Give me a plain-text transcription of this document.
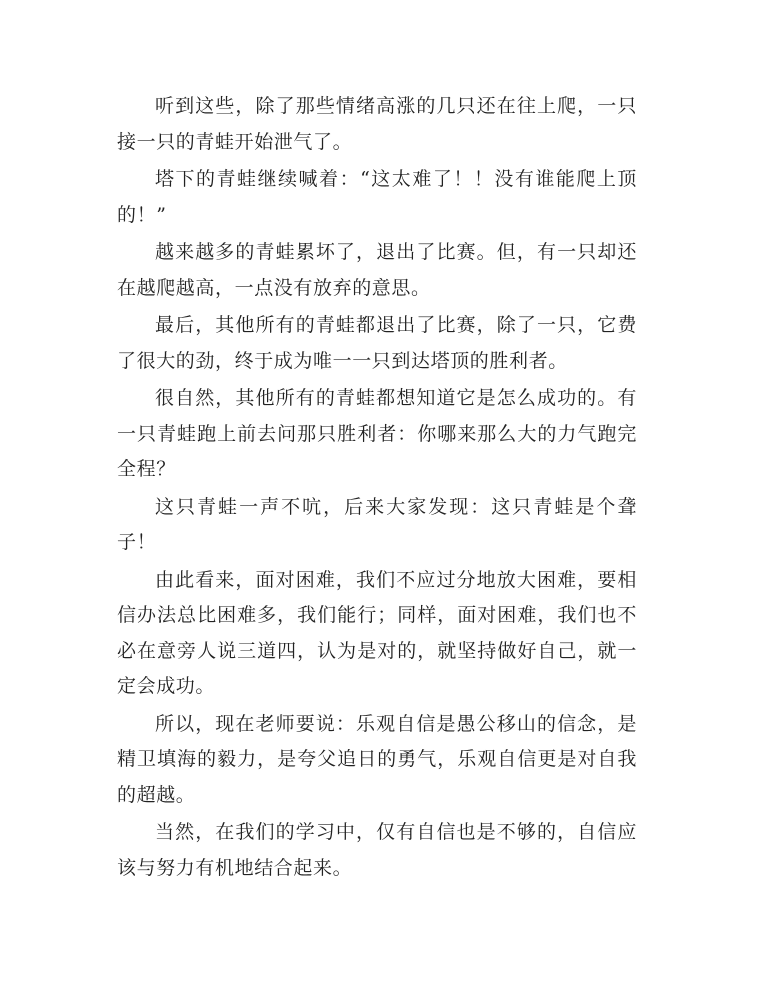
听到这些，除了那些情绪高涨的几只还在往上爬，一只接一只的青蛙开始泄气了。

塔下的青蛙继续喊着：“这太难了！！没有谁能爬上顶的！”

越来越多的青蛙累坏了，退出了比赛。但，有一只却还在越爬越高，一点没有放弃的意思。

最后，其他所有的青蛙都退出了比赛，除了一只，它费了很大的劲，终于成为唯一一只到达塔顶的胜利者。

很自然，其他所有的青蛙都想知道它是怎么成功的。有一只青蛙跑上前去问那只胜利者：你哪来那么大的力气跑完全程？

这只青蛙一声不吭，后来大家发现：这只青蛙是个聋子！

由此看来，面对困难，我们不应过分地放大困难，要相信办法总比困难多，我们能行；同样，面对困难，我们也不必在意旁人说三道四，认为是对的，就坚持做好自己，就一定会成功。

所以，现在老师要说：乐观自信是愚公移山的信念，是精卫填海的毅力，是夸父追日的勇气，乐观自信更是对自我的超越。

当然，在我们的学习中，仅有自信也是不够的，自信应该与努力有机地结合起来。
